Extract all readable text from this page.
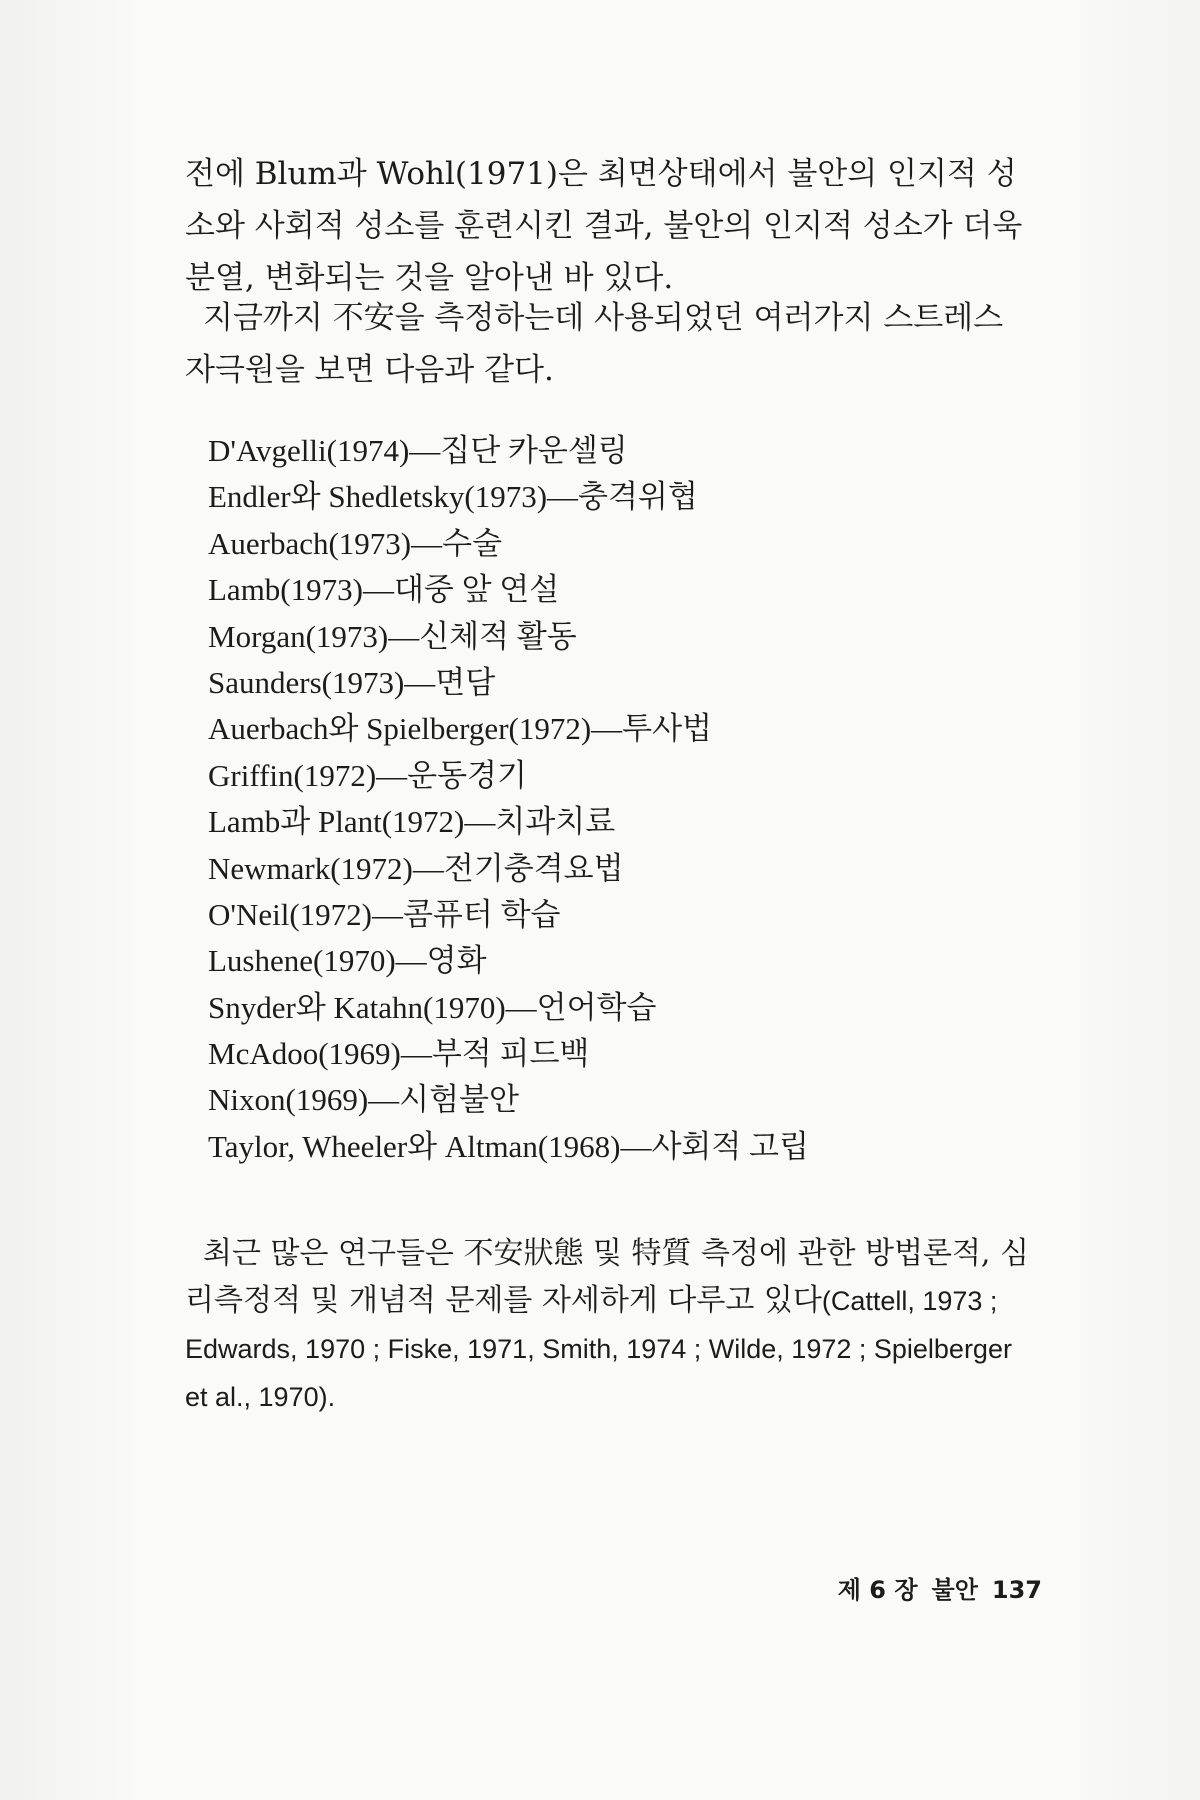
전에 Blum과 Wohl(1971)은 최면상태에서 불안의 인지적 성소와 사회적 성소를 훈련시킨 결과, 불안의 인지적 성소가 더욱 분열, 변화되는 것을 알아낸 바 있다.

지금까지 不安을 측정하는데 사용되었던 여러가지 스트레스 자극원을 보면 다음과 같다.

D'Avgelli(1974)—집단 카운셀링
Endler와 Shedletsky(1973)—충격위협
Auerbach(1973)—수술
Lamb(1973)—대중 앞 연설
Morgan(1973)—신체적 활동
Saunders(1973)—면담
Auerbach와 Spielberger(1972)—투사법
Griffin(1972)—운동경기
Lamb과 Plant(1972)—치과치료
Newmark(1972)—전기충격요법
O'Neil(1972)—콤퓨터 학습
Lushene(1970)—영화
Snyder와 Katahn(1970)—언어학습
McAdoo(1969)—부적 피드백
Nixon(1969)—시험불안
Taylor, Wheeler와 Altman(1968)—사회적 고립

최근 많은 연구들은 不安狀態 및 特質 측정에 관한 방법론적, 심리측정적 및 개념적 문제를 자세하게 다루고 있다(Cattell, 1973 ; Edwards, 1970 ; Fiske, 1971, Smith, 1974 ; Wilde, 1972 ; Spielberger et al., 1970).

제 6 장 불안 137
